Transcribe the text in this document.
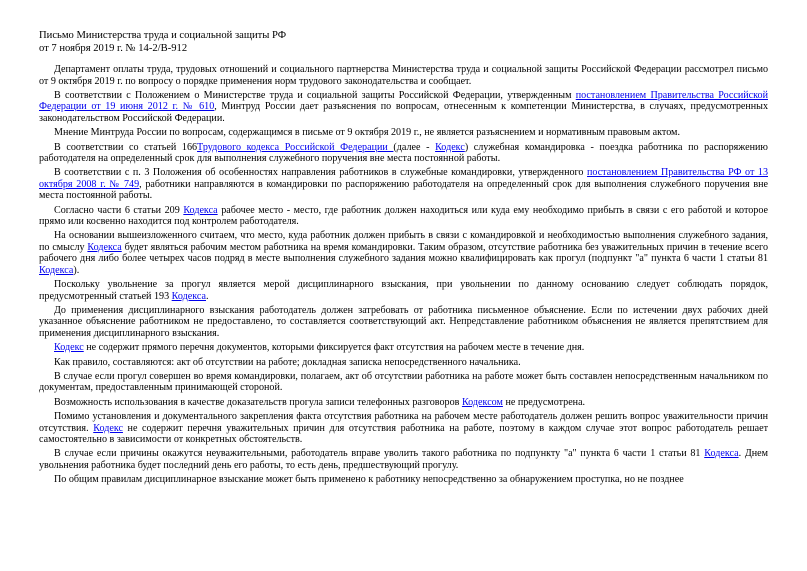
Письмо Министерства труда и социальной защиты РФ
от 7 ноября 2019 г. № 14-2/В-912

Департамент оплаты труда, трудовых отношений и социального партнерства Министерства труда и социальной защиты Российской Федерации рассмотрел письмо от 9 октября 2019 г. по вопросу о порядке применения норм трудового законодательства и сообщает.

В соответствии с Положением о Министерстве труда и социальной защиты Российской Федерации, утвержденным постановлением Правительства Российской Федерации от 19 июня 2012 г. № 610, Минтруд России дает разъяснения по вопросам, отнесенным к компетенции Министерства, в случаях, предусмотренных законодательством Российской Федерации.

Мнение Минтруда России по вопросам, содержащимся в письме от 9 октября 2019 г., не является разъяснением и нормативным правовым актом.

В соответствии со статьей 166Трудового кодекса Российской Федерации (далее - Кодекс) служебная командировка - поездка работника по распоряжению работодателя на определенный срок для выполнения служебного поручения вне места постоянной работы.

В соответствии с п. 3 Положения об особенностях направления работников в служебные командировки, утвержденного постановлением Правительства РФ от 13 октября 2008 г. № 749, работники направляются в командировки по распоряжению работодателя на определенный срок для выполнения служебного поручения вне места постоянной работы.

Согласно части 6 статьи 209 Кодекса рабочее место - место, где работник должен находиться или куда ему необходимо прибыть в связи с его работой и которое прямо или косвенно находится под контролем работодателя.

На основании вышеизложенного считаем, что место, куда работник должен прибыть в связи с командировкой и необходимостью выполнения служебного задания, по смыслу Кодекса будет являться рабочим местом работника на время командировки. Таким образом, отсутствие работника без уважительных причин в течение всего рабочего дня либо более четырех часов подряд в месте выполнения служебного задания можно квалифицировать как прогул (подпункт "а" пункта 6 части 1 статьи 81 Кодекса).

Поскольку увольнение за прогул является мерой дисциплинарного взыскания, при увольнении по данному основанию следует соблюдать порядок, предусмотренный статьей 193 Кодекса.

До применения дисциплинарного взыскания работодатель должен затребовать от работника письменное объяснение. Если по истечении двух рабочих дней указанное объяснение работником не предоставлено, то составляется соответствующий акт. Непредставление работником объяснения не является препятствием для применения дисциплинарного взыскания.

Кодекс не содержит прямого перечня документов, которыми фиксируется факт отсутствия на рабочем месте в течение дня.

Как правило, составляются: акт об отсутствии на работе; докладная записка непосредственного начальника.

В случае если прогул совершен во время командировки, полагаем, акт об отсутствии работника на работе может быть составлен непосредственным начальником по документам, предоставленным принимающей стороной.

Возможность использования в качестве доказательств прогула записи телефонных разговоров Кодексом не предусмотрена.

Помимо установления и документального закрепления факта отсутствия работника на рабочем месте работодатель должен решить вопрос уважительности причин отсутствия. Кодекс не содержит перечня уважительных причин для отсутствия работника на работе, поэтому в каждом случае этот вопрос работодатель решает самостоятельно в зависимости от конкретных обстоятельств.

В случае если причины окажутся неуважительными, работодатель вправе уволить такого работника по подпункту "а" пункта 6 части 1 статьи 81 Кодекса. Днем увольнения работника будет последний день его работы, то есть день, предшествующий прогулу.

По общим правилам дисциплинарное взыскание может быть применено к работнику непосредственно за обнаружением проступка, но не позднее
